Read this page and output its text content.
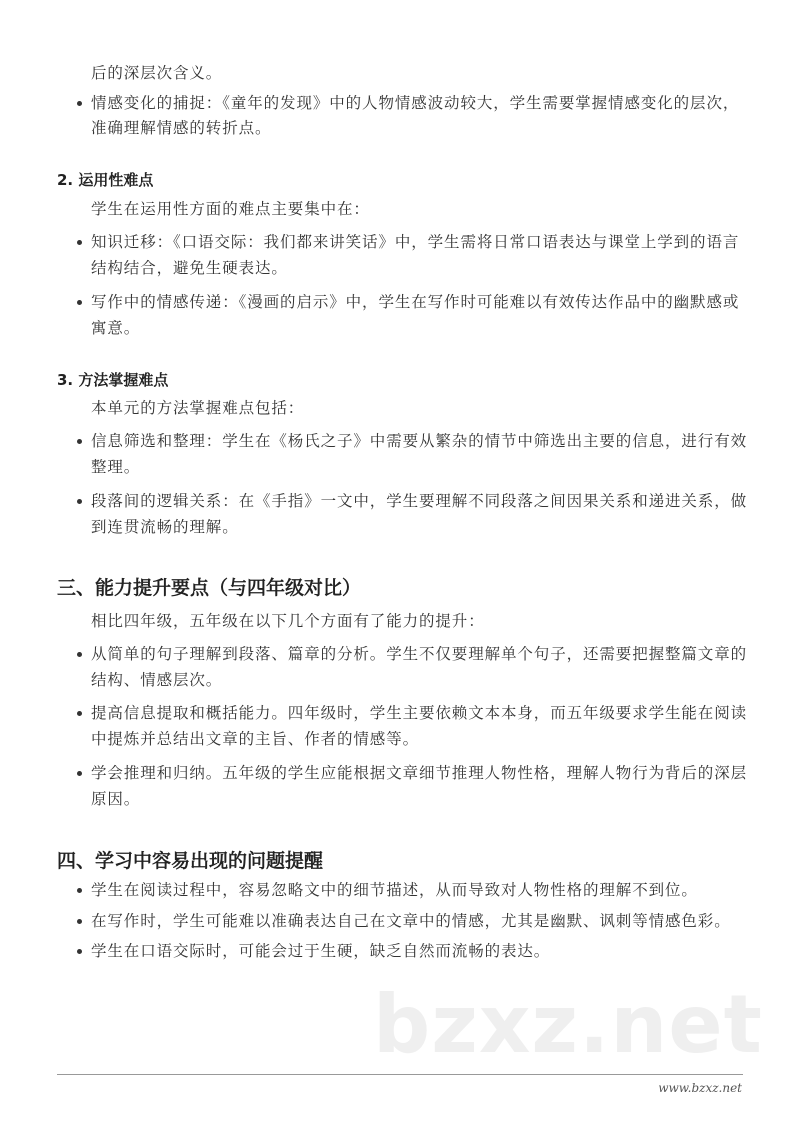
后的深层次含义。
情感变化的捕捉：《童年的发现》中的人物情感波动较大，学生需要掌握情感变化的层次，
准确理解情感的转折点。
2. 运用性难点
学生在运用性方面的难点主要集中在：
知识迁移：《口语交际：我们都来讲笑话》中，学生需将日常口语表达与课堂上学到的语言
结构结合，避免生硬表达。
写作中的情感传递：《漫画的启示》中，学生在写作时可能难以有效传达作品中的幽默感或
寓意。
3. 方法掌握难点
本单元的方法掌握难点包括：
信息筛选和整理：学生在《杨氏之子》中需要从繁杂的情节中筛选出主要的信息，进行有效
整理。
段落间的逻辑关系：在《手指》一文中，学生要理解不同段落之间因果关系和递进关系，做
到连贯流畅的理解。
三、能力提升要点（与四年级对比）
相比四年级，五年级在以下几个方面有了能力的提升：
从简单的句子理解到段落、篇章的分析。学生不仅要理解单个句子，还需要把握整篇文章的
结构、情感层次。
提高信息提取和概括能力。四年级时，学生主要依赖文本本身，而五年级要求学生能在阅读
中提炼并总结出文章的主旨、作者的情感等。
学会推理和归纳。五年级的学生应能根据文章细节推理人物性格，理解人物行为背后的深层
原因。
四、学习中容易出现的问题提醒
学生在阅读过程中，容易忽略文中的细节描述，从而导致对人物性格的理解不到位。
在写作时，学生可能难以准确表达自己在文章中的情感，尤其是幽默、讽刺等情感色彩。
学生在口语交际时，可能会过于生硬，缺乏自然而流畅的表达。
bzxz.net
www.bzxz.net
